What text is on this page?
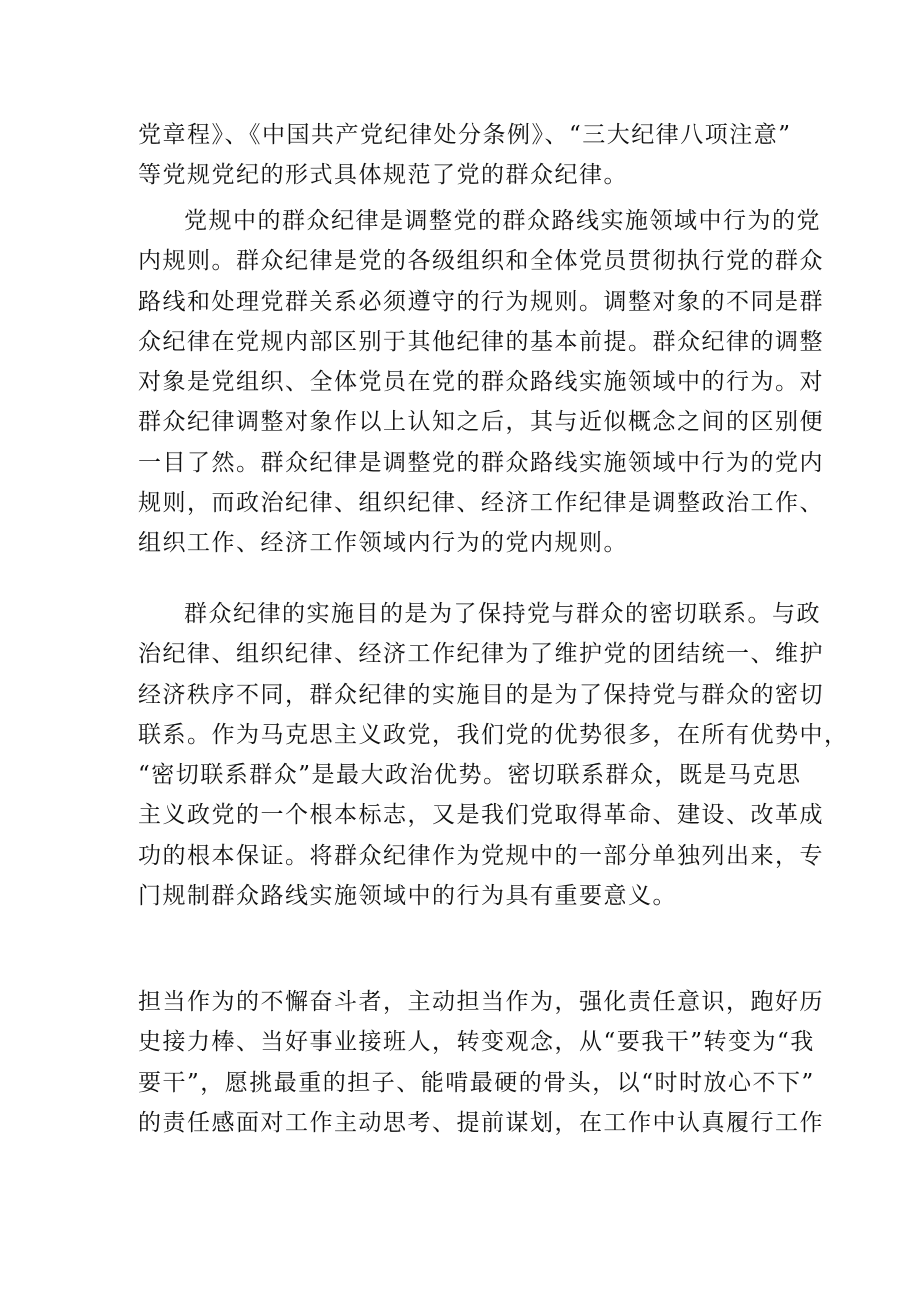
党章程》、《中国共产党纪律处分条例》、“三大纪律八项注意”
等党规党纪的形式具体规范了党的群众纪律。
党规中的群众纪律是调整党的群众路线实施领域中行为的党
内规则。群众纪律是党的各级组织和全体党员贯彻执行党的群众
路线和处理党群关系必须遵守的行为规则。调整对象的不同是群
众纪律在党规内部区别于其他纪律的基本前提。群众纪律的调整
对象是党组织、全体党员在党的群众路线实施领域中的行为。对
群众纪律调整对象作以上认知之后，其与近似概念之间的区别便
一目了然。群众纪律是调整党的群众路线实施领域中行为的党内
规则，而政治纪律、组织纪律、经济工作纪律是调整政治工作、
组织工作、经济工作领域内行为的党内规则。
群众纪律的实施目的是为了保持党与群众的密切联系。与政
治纪律、组织纪律、经济工作纪律为了维护党的团结统一、维护
经济秩序不同，群众纪律的实施目的是为了保持党与群众的密切
联系。作为马克思主义政党，我们党的优势很多，在所有优势中，
“密切联系群众”是最大政治优势。密切联系群众，既是马克思
主义政党的一个根本标志，又是我们党取得革命、建设、改革成
功的根本保证。将群众纪律作为党规中的一部分单独列出来，专
门规制群众路线实施领域中的行为具有重要意义。
担当作为的不懈奋斗者，主动担当作为，强化责任意识，跑好历
史接力棒、当好事业接班人，转变观念，从“要我干”转变为“我
要干”，愿挑最重的担子、能啃最硬的骨头，以“时时放心不下”
的责任感面对工作主动思考、提前谋划，在工作中认真履行工作
